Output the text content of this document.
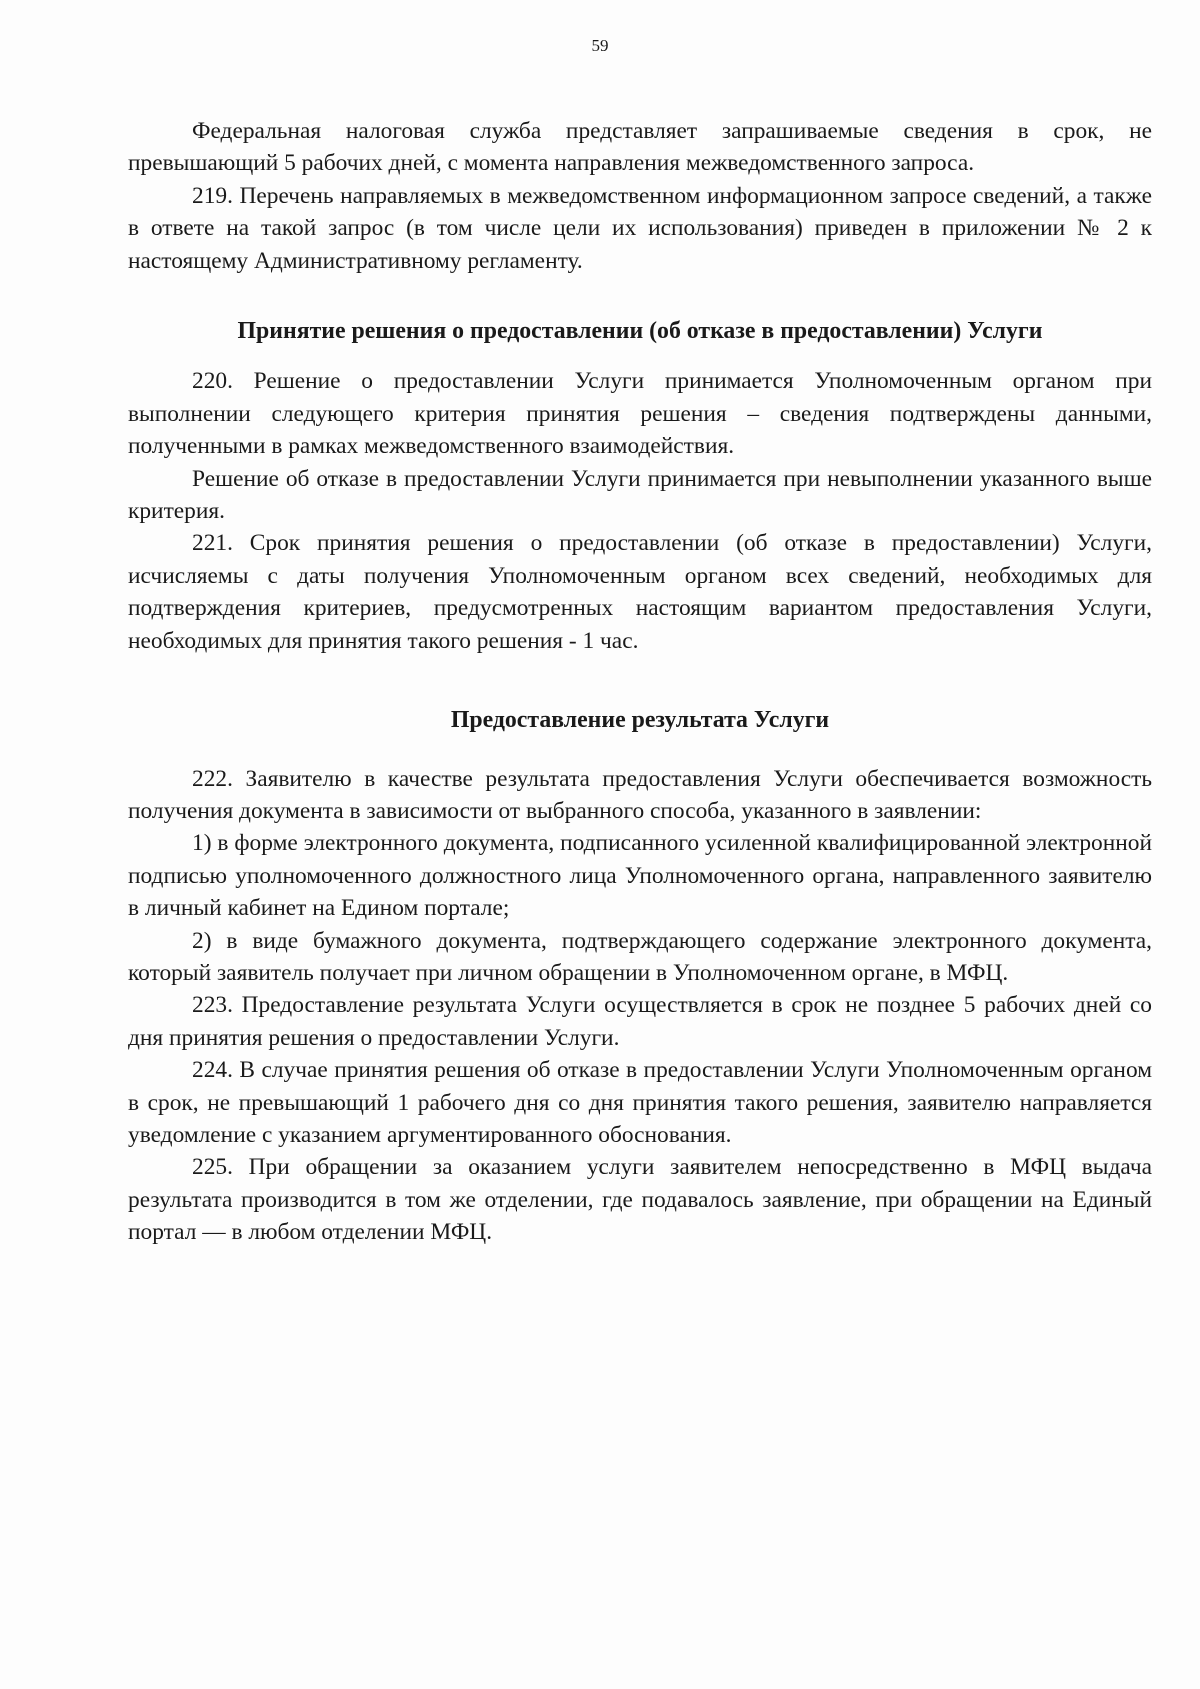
59

Федеральная налоговая служба представляет запрашиваемые сведения в срок, не превышающий 5 рабочих дней, с момента направления межведомственного запроса.

219. Перечень направляемых в межведомственном информационном запросе сведений, а также в ответе на такой запрос (в том числе цели их использования) приведен в приложении № 2 к настоящему Административному регламенту.

Принятие решения о предоставлении (об отказе в предоставлении) Услуги

220. Решение о предоставлении Услуги принимается Уполномоченным органом при выполнении следующего критерия принятия решения – сведения подтверждены данными, полученными в рамках межведомственного взаимодействия.

Решение об отказе в предоставлении Услуги принимается при невыполнении указанного выше критерия.

221. Срок принятия решения о предоставлении (об отказе в предоставлении) Услуги, исчисляемы с даты получения Уполномоченным органом всех сведений, необходимых для подтверждения критериев, предусмотренных настоящим вариантом предоставления Услуги, необходимых для принятия такого решения - 1 час.

Предоставление результата Услуги

222. Заявителю в качестве результата предоставления Услуги обеспечивается возможность получения документа в зависимости от выбранного способа, указанного в заявлении:

1) в форме электронного документа, подписанного усиленной квалифицированной электронной подписью уполномоченного должностного лица Уполномоченного органа, направленного заявителю в личный кабинет на Едином портале;

2) в виде бумажного документа, подтверждающего содержание электронного документа, который заявитель получает при личном обращении в Уполномоченном органе, в МФЦ.

223. Предоставление результата Услуги осуществляется в срок не позднее 5 рабочих дней со дня принятия решения о предоставлении Услуги.

224. В случае принятия решения об отказе в предоставлении Услуги Уполномоченным органом в срок, не превышающий 1 рабочего дня со дня принятия такого решения, заявителю направляется уведомление с указанием аргументированного обоснования.

225. При обращении за оказанием услуги заявителем непосредственно в МФЦ выдача результата производится в том же отделении, где подавалось заявление, при обращении на Единый портал — в любом отделении МФЦ.
